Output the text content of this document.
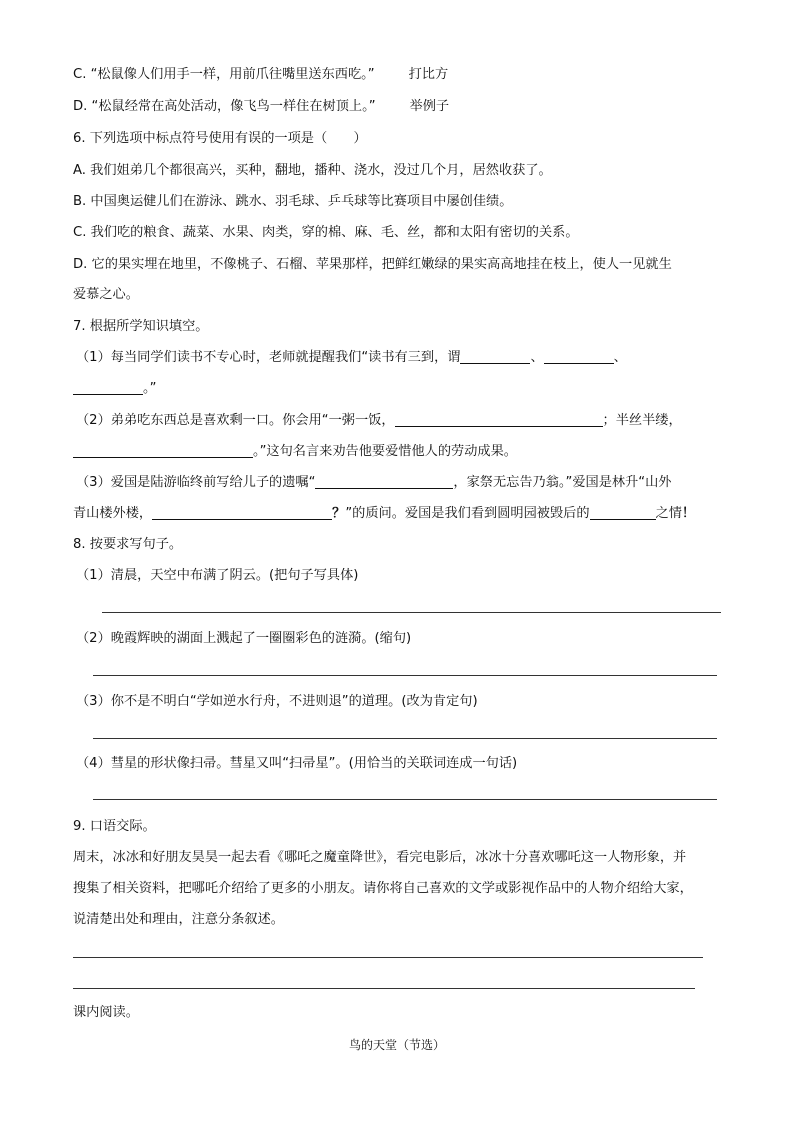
C. “松鼠像人们用手一样，用前爪往嘴里送东西吃。”	打比方
D. “松鼠经常在高处活动，像飞鸟一样住在树顶上。”	举例子
6. 下列选项中标点符号使用有误的一项是（　　）
A. 我们姐弟几个都很高兴，买种，翻地，播种、浇水，没过几个月，居然收获了。
B. 中国奥运健儿们在游泳、跳水、羽毛球、乒乓球等比赛项目中屡创佳绩。
C. 我们吃的粮食、蔬菜、水果、肉类，穿的棉、麻、毛、丝，都和太阳有密切的关系。
D. 它的果实埋在地里，不像桃子、石榴、苹果那样，把鲜红嫩绿的果实高高地挂在枝上，使人一见就生
爱慕之心。
7. 根据所学知识填空。
（1）每当同学们读书不专心时，老师就提醒我们“读书有三到，谓	、	、
。”
（2）弟弟吃东西总是喜欢剩一口。你会用“一粥一饭，	；半丝半缕，
。”这句名言来劝告他要爱惜他人的劳动成果。
（3）爱国是陆游临终前写给儿子的遗嘱“	，家祭无忘告乃翁。”爱国是林升“山外
青山楼外楼，	？”的质问。爱国是我们看到圆明园被毁后的	之情！
8. 按要求写句子。
（1）清晨，天空中布满了阴云。(把句子写具体)
（2）晚霞辉映的湖面上溅起了一圈圈彩色的涟漪。(缩句)
（3）你不是不明白“学如逆水行舟，不进则退”的道理。(改为肯定句)
（4）彗星的形状像扫帚。彗星又叫“扫帚星”。(用恰当的关联词连成一句话)
9. 口语交际。
周末，冰冰和好朋友昊昊一起去看《哪吒之魔童降世》，看完电影后，冰冰十分喜欢哪吒这一人物形象，并
搜集了相关资料，把哪吒介绍给了更多的小朋友。请你将自己喜欢的文学或影视作品中的人物介绍给大家，
说清楚出处和理由，注意分条叙述。
课内阅读。
鸟的天堂（节选）
